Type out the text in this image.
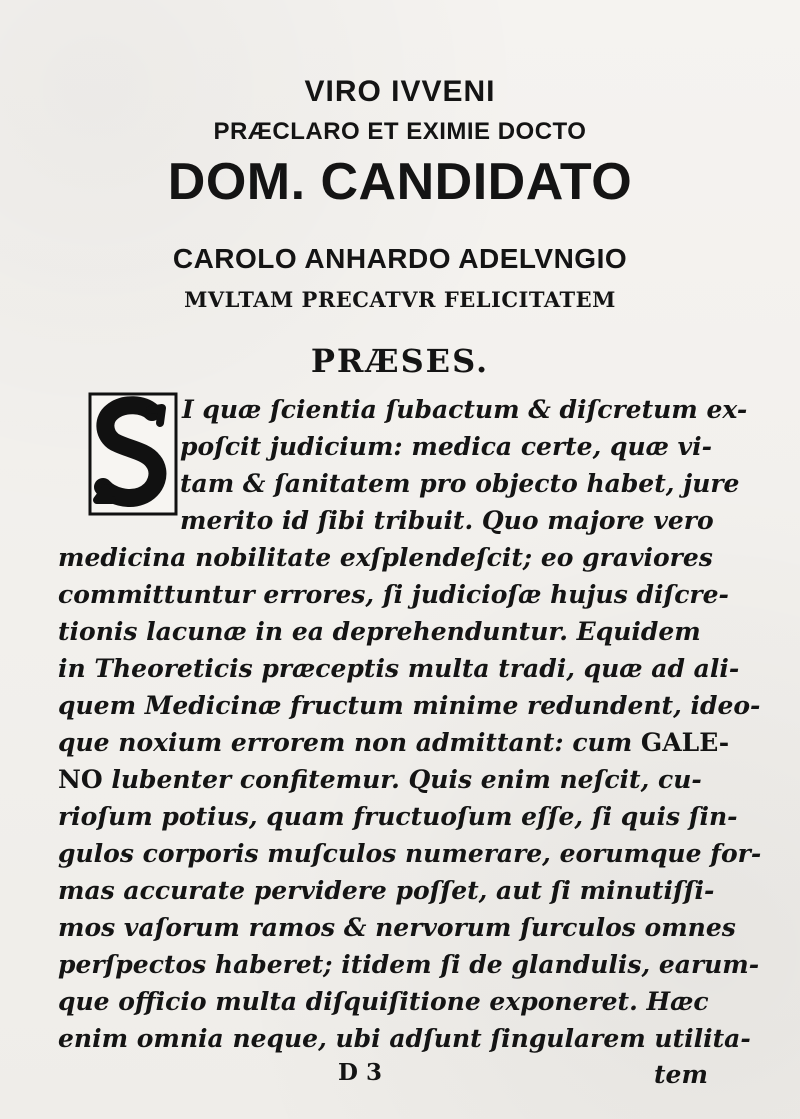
VIRO IVVENI
PRÆCLARO ET EXIMIE DOCTO
DOM. CANDIDATO
CAROLO ANHARDO ADELVNGIO
MVLTAM PRECATVR FELICITATEM
PRÆSES.
I quæ ſcientia ſubactum & diſcretum ex-
poſcit judicium: medica certe, quæ vi-
tam & ſanitatem pro objecto habet, jure
merito id ſibi tribuit. Quo majore vero
medicina nobilitate exſplendeſcit; eo graviores
committuntur errores, ſi judicioſæ hujus diſcre-
tionis lacunæ in ea deprehenduntur. Equidem
in Theoreticis præceptis multa tradi, quæ ad ali-
quem Medicinæ fructum minime redundent, ideo-
que noxium errorem non admittant: cum GALE-
NO lubenter confitemur. Quis enim neſcit, cu-
rioſum potius, quam fructuoſum eſſe, ſi quis ſin-
gulos corporis muſculos numerare, eorumque for-
mas accurate pervidere poſſet, aut ſi minutiſſi-
mos vaſorum ramos & nervorum ſurculos omnes
perſpectos haberet; itidem ſi de glandulis, earum-
que officio multa diſquiſitione exponeret. Hæc
enim omnia neque, ubi adſunt ſingularem utilita-
D 3	tem
